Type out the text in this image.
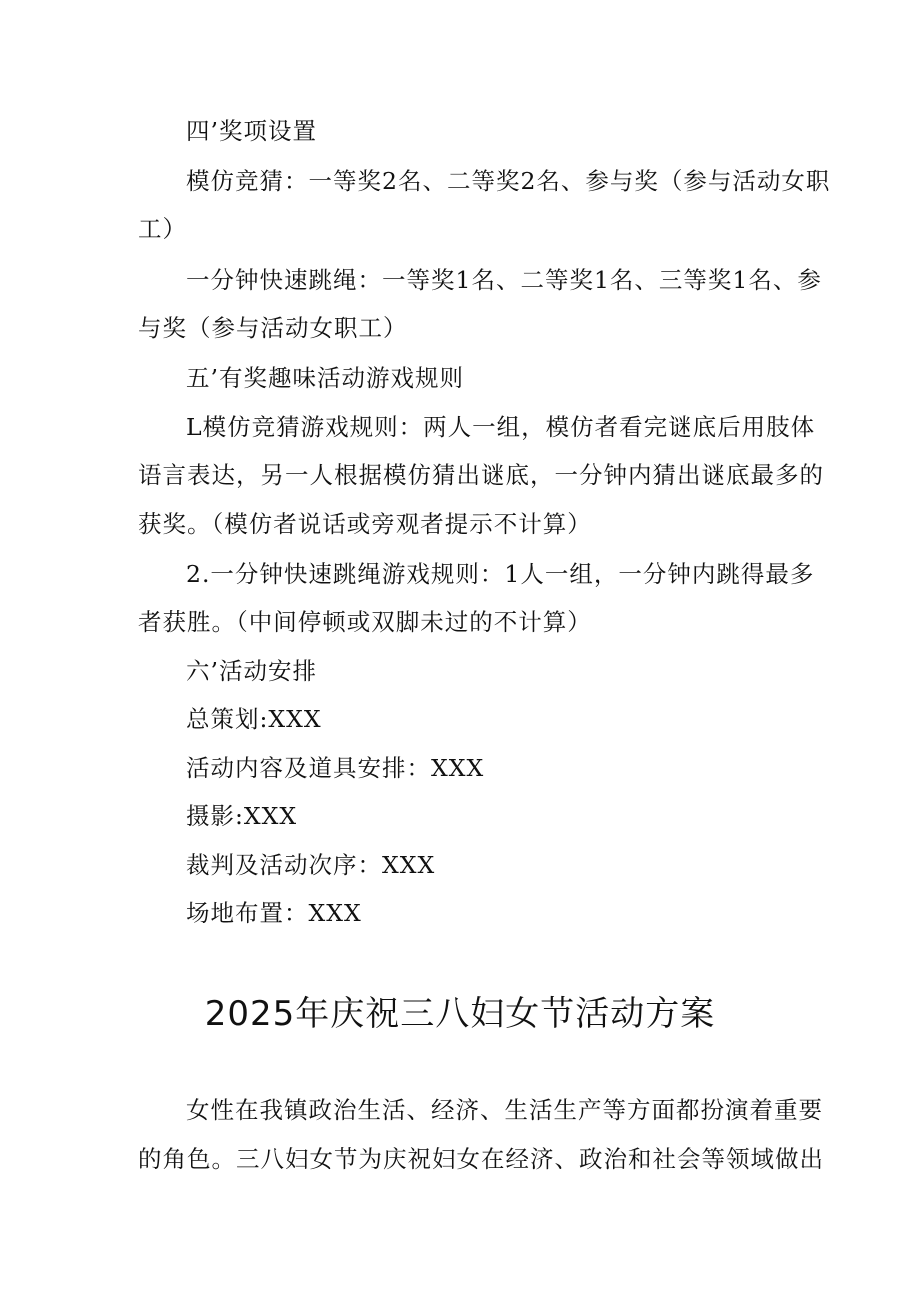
四’奖项设置
模仿竞猜：一等奖2名、二等奖2名、参与奖（参与活动女职
工）
一分钟快速跳绳：一等奖1名、二等奖1名、三等奖1名、参
与奖（参与活动女职工）
五’有奖趣味活动游戏规则
L模仿竞猜游戏规则：两人一组，模仿者看完谜底后用肢体
语言表达，另一人根据模仿猜出谜底，一分钟内猜出谜底最多的
获奖。（模仿者说话或旁观者提示不计算）
2.一分钟快速跳绳游戏规则：1人一组，一分钟内跳得最多
者获胜。（中间停顿或双脚未过的不计算）
六’活动安排
总策划:XXX
活动内容及道具安排：XXX
摄影:XXX
裁判及活动次序：XXX
场地布置：XXX
2025年庆祝三八妇女节活动方案
女性在我镇政治生活、经济、生活生产等方面都扮演着重要
的角色。三八妇女节为庆祝妇女在经济、政治和社会等领域做出
